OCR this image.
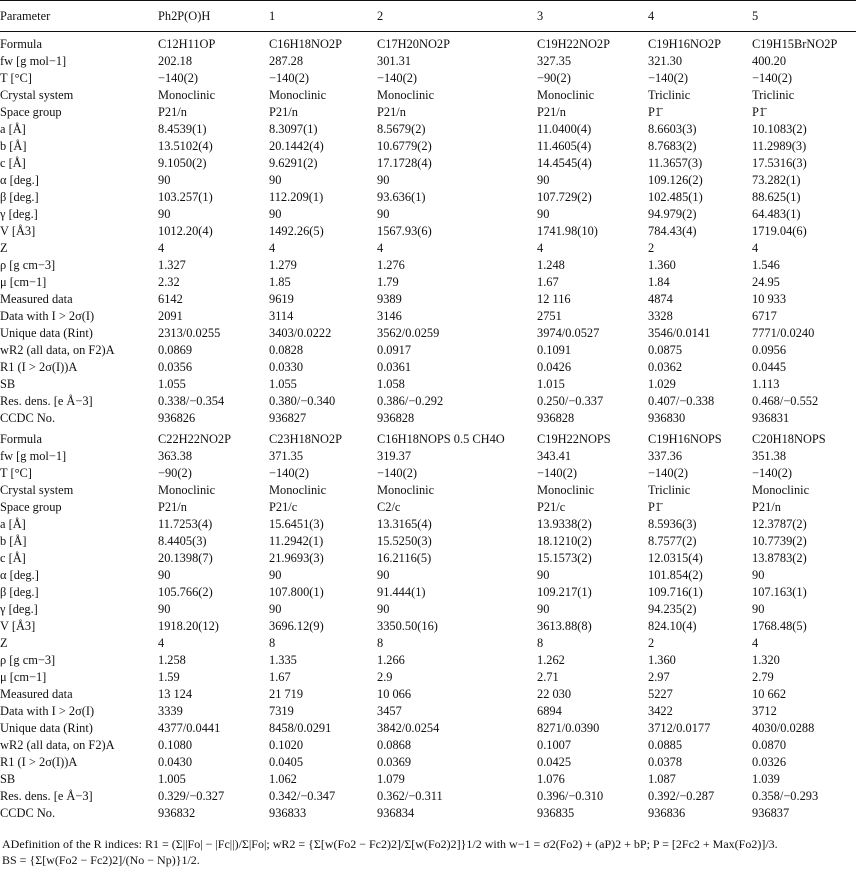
Parameter	Ph2P(O)H	1	2	3	4	5
Formula	C12H11OP	C16H18NO2P	C17H20NO2P	C19H22NO2P	C19H16NO2P	C19H15BrNO2P
fw [g mol−1]	202.18	287.28	301.31	327.35	321.30	400.20
T [°C]	−140(2)	−140(2)	−140(2)	−90(2)	−140(2)	−140(2)
Crystal system	Monoclinic	Monoclinic	Monoclinic	Monoclinic	Triclinic	Triclinic
Space group	P21/n	P21/n	P21/n	P21/n	P1̄	P1̄
a [Å]	8.4539(1)	8.3097(1)	8.5679(2)	11.0400(4)	8.6603(3)	10.1083(2)
b [Å]	13.5102(4)	20.1442(4)	10.6779(2)	11.4605(4)	8.7683(2)	11.2989(3)
c [Å]	9.1050(2)	9.6291(2)	17.1728(4)	14.4545(4)	11.3657(3)	17.5316(3)
α [deg.]	90	90	90	90	109.126(2)	73.282(1)
β [deg.]	103.257(1)	112.209(1)	93.636(1)	107.729(2)	102.485(1)	88.625(1)
γ [deg.]	90	90	90	90	94.979(2)	64.483(1)
V [Å3]	1012.20(4)	1492.26(5)	1567.93(6)	1741.98(10)	784.43(4)	1719.04(6)
Z	4	4	4	4	2	4
ρ [g cm−3]	1.327	1.279	1.276	1.248	1.360	1.546
μ [cm−1]	2.32	1.85	1.79	1.67	1.84	24.95
Measured data	6142	9619	9389	12 116	4874	10 933
Data with I > 2σ(I)	2091	3114	3146	2751	3328	6717
Unique data (Rint)	2313/0.0255	3403/0.0222	3562/0.0259	3974/0.0527	3546/0.0141	7771/0.0240
wR2 (all data, on F2)A	0.0869	0.0828	0.0917	0.1091	0.0875	0.0956
R1 (I > 2σ(I))A	0.0356	0.0330	0.0361	0.0426	0.0362	0.0445
SB	1.055	1.055	1.058	1.015	1.029	1.113
Res. dens. [e Å−3]	0.338/−0.354	0.380/−0.340	0.386/−0.292	0.250/−0.337	0.407/−0.338	0.468/−0.552
CCDC No.	936826	936827	936828	936828	936830	936831
Formula	C22H22NO2P	C23H18NO2P	C16H18NOPS 0.5 CH4O	C19H22NOPS	C19H16NOPS	C20H18NOPS
fw [g mol−1]	363.38	371.35	319.37	343.41	337.36	351.38
T [°C]	−90(2)	−140(2)	−140(2)	−140(2)	−140(2)	−140(2)
Crystal system	Monoclinic	Monoclinic	Monoclinic	Monoclinic	Triclinic	Monoclinic
Space group	P21/n	P21/c	C2/c	P21/c	P1̄	P21/n
a [Å]	11.7253(4)	15.6451(3)	13.3165(4)	13.9338(2)	8.5936(3)	12.3787(2)
b [Å]	8.4405(3)	11.2942(1)	15.5250(3)	18.1210(2)	8.7577(2)	10.7739(2)
c [Å]	20.1398(7)	21.9693(3)	16.2116(5)	15.1573(2)	12.0315(4)	13.8783(2)
α [deg.]	90	90	90	90	101.854(2)	90
β [deg.]	105.766(2)	107.800(1)	91.444(1)	109.217(1)	109.716(1)	107.163(1)
γ [deg.]	90	90	90	90	94.235(2)	90
V [Å3]	1918.20(12)	3696.12(9)	3350.50(16)	3613.88(8)	824.10(4)	1768.48(5)
Z	4	8	8	8	2	4
ρ [g cm−3]	1.258	1.335	1.266	1.262	1.360	1.320
μ [cm−1]	1.59	1.67	2.9	2.71	2.97	2.79
Measured data	13 124	21 719	10 066	22 030	5227	10 662
Data with I > 2σ(I)	3339	7319	3457	6894	3422	3712
Unique data (Rint)	4377/0.0441	8458/0.0291	3842/0.0254	8271/0.0390	3712/0.0177	4030/0.0288
wR2 (all data, on F2)A	0.1080	0.1020	0.0868	0.1007	0.0885	0.0870
R1 (I > 2σ(I))A	0.0430	0.0405	0.0369	0.0425	0.0378	0.0326
SB	1.005	1.062	1.079	1.076	1.087	1.039
Res. dens. [e Å−3]	0.329/−0.327	0.342/−0.347	0.362/−0.311	0.396/−0.310	0.392/−0.287	0.358/−0.293
CCDC No.	936832	936833	936834	936835	936836	936837

ADefinition of the R indices: R1 = (Σ||Fo| − |Fc||)/Σ|Fo|; wR2 = {Σ[w(Fo2 − Fc2)2]/Σ[w(Fo2)2]}1/2 with w−1 = σ2(Fo2) + (aP)2 + bP; P = [2Fc2 + Max(Fo2)]/3.

BS = {Σ[w(Fo2 − Fc2)2]/(No − Np)}1/2.
